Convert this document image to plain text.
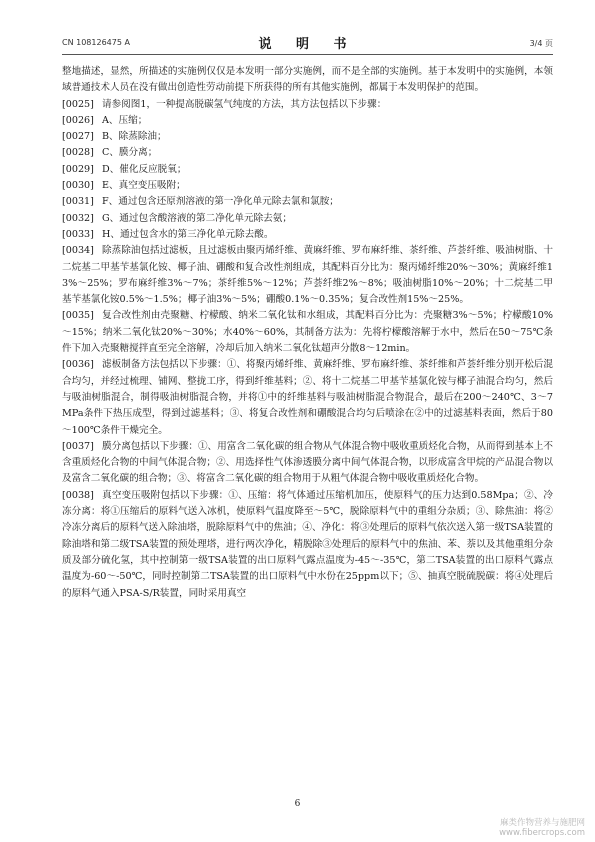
CN 108126475 A	说 明 书	3/4 页

整地描述，显然，所描述的实施例仅仅是本发明一部分实施例，而不是全部的实施例。基于本发明中的实施例，本领域普通技术人员在没有做出创造性劳动前提下所获得的所有其他实施例，都属于本发明保护的范围。

[0025] 请参阅图1，一种提高脱碳氢气纯度的方法，其方法包括以下步骤：

[0026] A、压缩；

[0027] B、除蒸除油；

[0028] C、膜分离；

[0029] D、催化反应脱氧；

[0030] E、真空变压吸附；

[0031] F、通过包含还原剂溶液的第一净化单元除去氯和氯胺；

[0032] G、通过包含酸溶液的第二净化单元除去氨；

[0033] H、通过包含水的第三净化单元除去酸。

[0034] 除蒸除油包括过滤板，且过滤板由聚丙烯纤维、黄麻纤维、罗布麻纤维、茶纤维、芦荟纤维、吸油树脂、十二烷基二甲基苄基氯化铵、椰子油、硼酸和复合改性剂组成，其配料百分比为：聚丙烯纤维20%～30%；黄麻纤维13%～25%；罗布麻纤维3%～7%；茶纤维5%～12%；芦荟纤维2%～8%；吸油树脂10%～20%；十二烷基二甲基苄基氯化铵0.5%～1.5%；椰子油3%～5%；硼酸0.1%～0.35%；复合改性剂15%～25%。

[0035] 复合改性剂由壳聚糖、柠檬酸、纳米二氧化钛和水组成，其配料百分比为：壳聚糖3%～5%；柠檬酸10%～15%；纳米二氧化钛20%～30%；水40%～60%，其制备方法为：先将柠檬酸溶解于水中，然后在50～75℃条件下加入壳聚糖搅拌直至完全溶解，冷却后加入纳米二氧化钛超声分散8～12min。

[0036] 滤板制备方法包括以下步骤：①、将聚丙烯纤维、黄麻纤维、罗布麻纤维、茶纤维和芦荟纤维分别开松后混合均匀，并经过梳理、铺网、整拢工序，得到纤维基料；②、将十二烷基二甲基苄基氯化铵与椰子油混合均匀，然后与吸油树脂混合，制得吸油树脂混合物，并将①中的纤维基料与吸油树脂混合物混合，最后在200～240℃、3～7MPa条件下热压成型，得到过滤基料；③、将复合改性剂和硼酸混合均匀后喷涂在②中的过滤基料表面，然后于80～100℃条件干燥完全。

[0037] 膜分离包括以下步骤：①、用富含二氧化碳的组合物从气体混合物中吸收重质烃化合物，从而得到基本上不含重质烃化合物的中间气体混合物；②、用选择性气体渗透膜分离中间气体混合物，以形成富含甲烷的产品混合物以及富含二氧化碳的组合物；③、将富含二氧化碳的组合物用于从粗气体混合物中吸收重质烃化合物。

[0038] 真空变压吸附包括以下步骤：①、压缩：将气体通过压缩机加压，使原料气的压力达到0.58Mpa；②、冷冻分离：将①压缩后的原料气送入冰机，使原料气温度降至～5℃，脱除原料气中的重组分杂质；③、除焦油：将②冷冻分离后的原料气送入除油塔，脱除原料气中的焦油；④、净化：将③处理后的原料气依次送入第一级TSA装置的除油塔和第二级TSA装置的预处理塔，进行两次净化，精脱除③处理后的原料气中的焦油、苯、萘以及其他重组分杂质及部分硫化氢，其中控制第一级TSA装置的出口原料气露点温度为-45～-35℃，第二TSA装置的出口原料气露点温度为-60～-50℃，同时控制第二TSA装置的出口原料气中水份在25ppm以下；⑤、抽真空脱硫脱碳：将④处理后的原料气通入PSA-S/R装置，同时采用真空

6
麻类作物营养与施肥网
www.fibercrops.com
